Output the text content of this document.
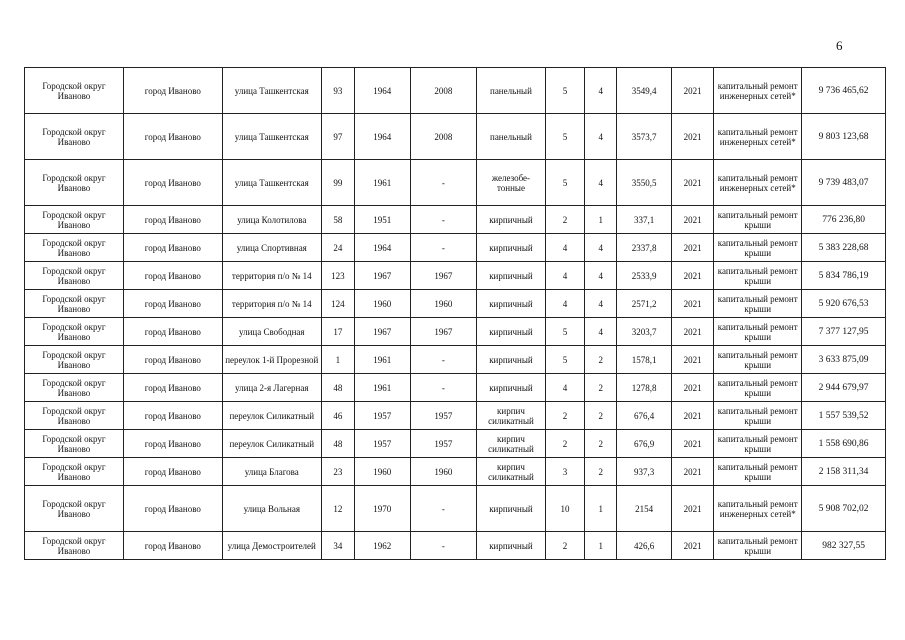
6
Городской округ Иваново	город Иваново	улица Ташкентская	93	1964	2008	панельный	5	4	3549,4	2021	капитальный ремонт инженерных сетей*	9 736 465,62
Городской округ Иваново	город Иваново	улица Ташкентская	97	1964	2008	панельный	5	4	3573,7	2021	капитальный ремонт инженерных сетей*	9 803 123,68
Городской округ Иваново	город Иваново	улица Ташкентская	99	1961	-	железобе-тонные	5	4	3550,5	2021	капитальный ремонт инженерных сетей*	9 739 483,07
Городской округ Иваново	город Иваново	улица Колотилова	58	1951	-	кирпичный	2	1	337,1	2021	капитальный ремонт крыши	776 236,80
Городской округ Иваново	город Иваново	улица Спортивная	24	1964	-	кирпичный	4	4	2337,8	2021	капитальный ремонт крыши	5 383 228,68
Городской округ Иваново	город Иваново	территория п/о № 14	123	1967	1967	кирпичный	4	4	2533,9	2021	капитальный ремонт крыши	5 834 786,19
Городской округ Иваново	город Иваново	территория п/о № 14	124	1960	1960	кирпичный	4	4	2571,2	2021	капитальный ремонт крыши	5 920 676,53
Городской округ Иваново	город Иваново	улица Свободная	17	1967	1967	кирпичный	5	4	3203,7	2021	капитальный ремонт крыши	7 377 127,95
Городской округ Иваново	город Иваново	переулок 1-й Прорезной	1	1961	-	кирпичный	5	2	1578,1	2021	капитальный ремонт крыши	3 633 875,09
Городской округ Иваново	город Иваново	улица 2-я Лагерная	48	1961	-	кирпичный	4	2	1278,8	2021	капитальный ремонт крыши	2 944 679,97
Городской округ Иваново	город Иваново	переулок Силикатный	46	1957	1957	кирпич силикатный	2	2	676,4	2021	капитальный ремонт крыши	1 557 539,52
Городской округ Иваново	город Иваново	переулок Силикатный	48	1957	1957	кирпич силикатный	2	2	676,9	2021	капитальный ремонт крыши	1 558 690,86
Городской округ Иваново	город Иваново	улица Благова	23	1960	1960	кирпич силикатный	3	2	937,3	2021	капитальный ремонт крыши	2 158 311,34
Городской округ Иваново	город Иваново	улица Вольная	12	1970	-	кирпичный	10	1	2154	2021	капитальный ремонт инженерных сетей*	5 908 702,02
Городской округ Иваново	город Иваново	улица Демостроителей	34	1962	-	кирпичный	2	1	426,6	2021	капитальный ремонт крыши	982 327,55
